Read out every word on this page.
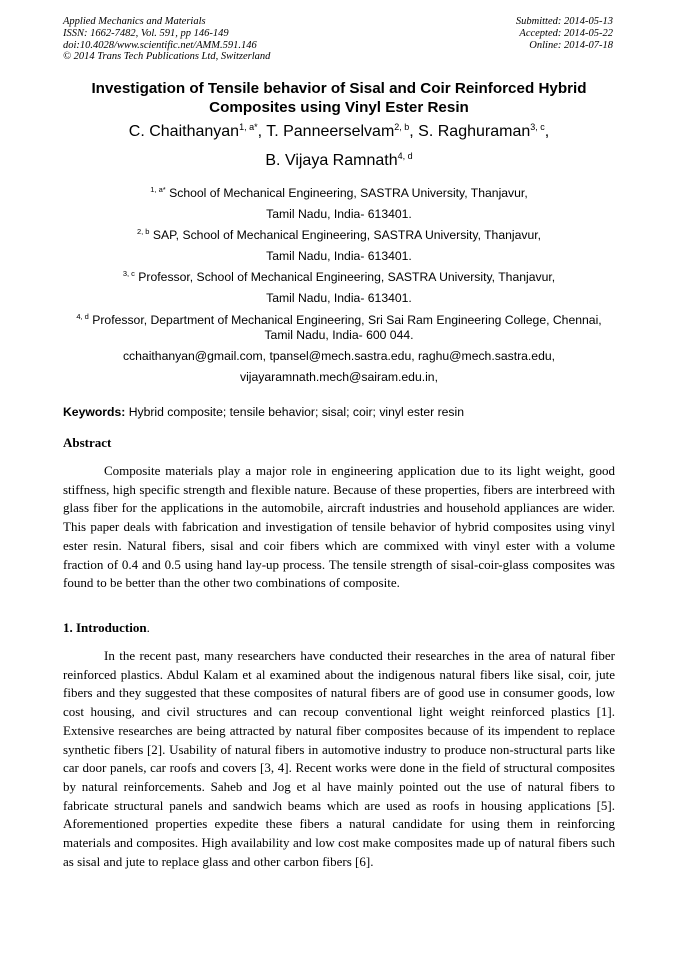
Applied Mechanics and Materials
ISSN: 1662-7482, Vol. 591, pp 146-149
doi:10.4028/www.scientific.net/AMM.591.146
© 2014 Trans Tech Publications Ltd, Switzerland
Submitted: 2014-05-13
Accepted: 2014-05-22
Online: 2014-07-18
Investigation of Tensile behavior of Sisal and Coir Reinforced Hybrid
Composites using Vinyl Ester Resin
C. Chaithanyan$^{1, a*}$, T. Panneerselvam$^{2, b}$, S. Raghuraman$^{3, c}$,
B. Vijaya Ramnath$^{4, d}$
$^{1, a*}$ School of Mechanical Engineering, SASTRA University, Thanjavur,
Tamil Nadu, India- 613401.
$^{2, b}$ SAP, School of Mechanical Engineering, SASTRA University, Thanjavur,
Tamil Nadu, India- 613401.
$^{3, c}$ Professor, School of Mechanical Engineering, SASTRA University, Thanjavur,
Tamil Nadu, India- 613401.
$^{4, d}$ Professor, Department of Mechanical Engineering, Sri Sai Ram Engineering College, Chennai,
Tamil Nadu, India- 600 044.
cchaithanyan@gmail.com, tpansel@mech.sastra.edu, raghu@mech.sastra.edu,
vijayaramnath.mech@sairam.edu.in,
Keywords: Hybrid composite; tensile behavior; sisal; coir; vinyl ester resin
Abstract
Composite materials play a major role in engineering application due to its light weight, good stiffness, high specific strength and flexible nature. Because of these properties, fibers are interbreed with glass fiber for the applications in the automobile, aircraft industries and household appliances are wider. This paper deals with fabrication and investigation of tensile behavior of hybrid composites using vinyl ester resin. Natural fibers, sisal and coir fibers which are commixed with vinyl ester with a volume fraction of 0.4 and 0.5 using hand lay-up process. The tensile strength of sisal-coir-glass composites was found to be better than the other two combinations of composite.
1. Introduction.
In the recent past, many researchers have conducted their researches in the area of natural fiber reinforced plastics. Abdul Kalam et al examined about the indigenous natural fibers like sisal, coir, jute fibers and they suggested that these composites of natural fibers are of good use in consumer goods, low cost housing, and civil structures and can recoup conventional light weight reinforced plastics [1]. Extensive researches are being attracted by natural fiber composites because of its impendent to replace synthetic fibers [2]. Usability of natural fibers in automotive industry to produce non-structural parts like car door panels, car roofs and covers [3, 4]. Recent works were done in the field of structural composites by natural reinforcements. Saheb and Jog et al have mainly pointed out the use of natural fibers to fabricate structural panels and sandwich beams which are used as roofs in housing applications [5]. Aforementioned properties expedite these fibers a natural candidate for using them in reinforcing materials and composites. High availability and low cost make composites made up of natural fibers such as sisal and jute to replace glass and other carbon fibers [6].
